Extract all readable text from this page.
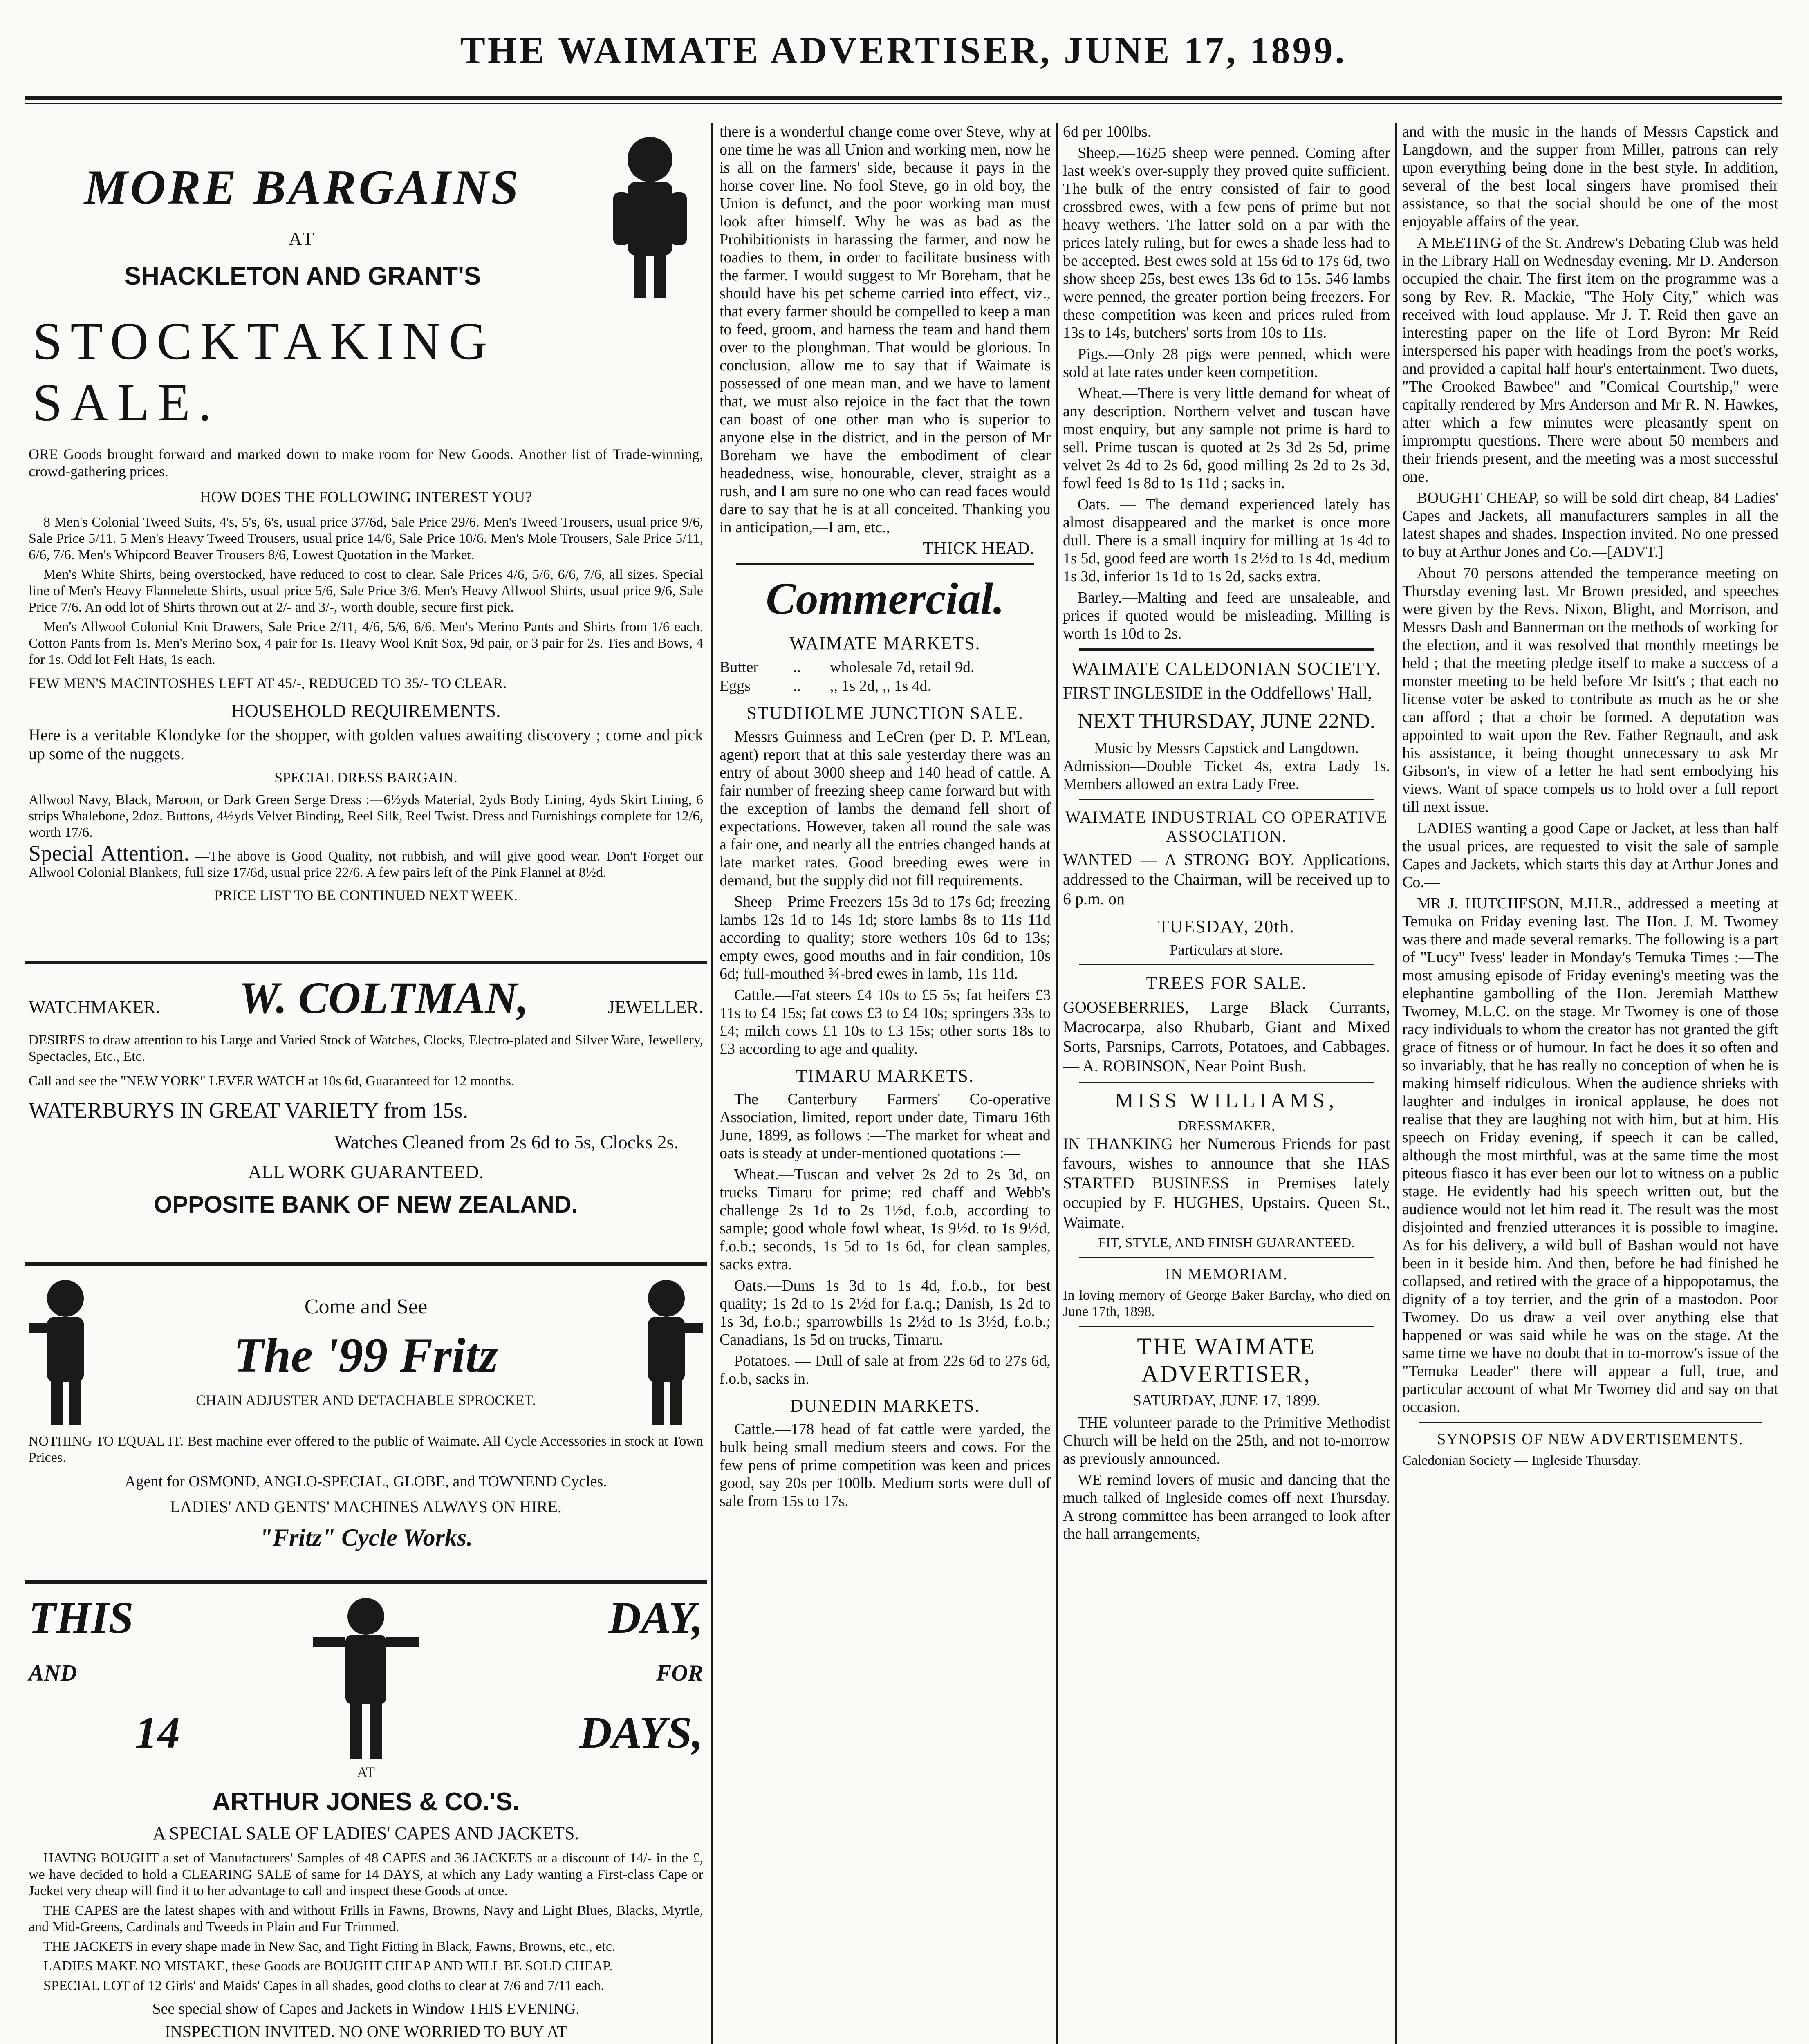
THE WAIMATE ADVERTISER, JUNE 17, 1899.
MORE BARGAINS
AT
SHACKLETON AND GRANT'S
STOCKTAKING SALE.
ORE Goods brought forward and marked down to make room for New Goods. Another list of Trade-winning, crowd-gathering prices.
HOW DOES THE FOLLOWING INTEREST YOU?

8 Men's Colonial Tweed Suits, 4's, 5's, 6's, usual price 37/6d, Sale Price 29/6. Men's Tweed Trousers, usual price 9/6, Sale Price 5/11. 5 Men's Heavy Tweed Trousers, usual price 14/6, Sale Price 10/6. Men's Mole Trousers, Sale Price 5/11, 6/6, 7/6. Men's Whipcord Beaver Trousers 8/6, Lowest Quotation in the Market.

Men's White Shirts, being overstocked, have reduced to cost to clear. Sale Prices 4/6, 5/6, 6/6, 7/6, all sizes. Special line of Men's Heavy Flannelette Shirts, usual price 5/6, Sale Price 3/6. Men's Heavy Allwool Shirts, usual price 9/6, Sale Price 7/6. An odd lot of Shirts thrown out at 2/- and 3/-, worth double, secure first pick.

Men's Allwool Colonial Knit Drawers, Sale Price 2/11, 4/6, 5/6, 6/6. Men's Merino Pants and Shirts from 1/6 each. Cotton Pants from 1s. Men's Merino Sox, 4 pair for 1s. Heavy Wool Knit Sox, 9d pair, or 3 pair for 2s. Ties and Bows, 4 for 1s. Odd lot Felt Hats, 1s each.

FEW MEN'S MACINTOSHES LEFT AT 45/-, REDUCED TO 35/- TO CLEAR.
HOUSEHOLD REQUIREMENTS.
Here is a veritable Klondyke for the shopper, with golden values awaiting discovery ; come and pick up some of the nuggets.
SPECIAL DRESS BARGAIN.
Allwool Navy, Black, Maroon, or Dark Green Serge Dress :—6½yds Material, 2yds Body Lining, 4yds Skirt Lining, 6 strips Whalebone, 2doz. Buttons, 4½yds Velvet Binding, Reel Silk, Reel Twist. Dress and Furnishings complete for 12/6, worth 17/6.
Special Attention. —The above is Good Quality, not rubbish, and will give good wear. Don't Forget our Allwool Colonial Blankets, full size 17/6d, usual price 22/6. A few pairs left of the Pink Flannel at 8½d.
PRICE LIST TO BE CONTINUED NEXT WEEK.
WATCHMAKER. W. COLTMAN,	JEWELLER.
DESIRES to draw attention to his Large and Varied Stock of Watches, Clocks, Electro-plated and Silver Ware, Jewellery, Spectacles, Etc., Etc.
Call and see the "NEW YORK" LEVER WATCH at 10s 6d, Guaranteed for 12 months.
WATERBURYS IN GREAT VARIETY from 15s.
Watches Cleaned from 2s 6d to 5s, Clocks 2s.
ALL WORK GUARANTEED.
OPPOSITE BANK OF NEW ZEALAND.
Come and See
The '99 Fritz
CHAIN ADJUSTER AND DETACHABLE SPROCKET.
NOTHING TO EQUAL IT. Best machine ever offered to the public of Waimate. All Cycle Accessories in stock at Town Prices.
Agent for OSMOND, ANGLO-SPECIAL, GLOBE, and TOWNEND Cycles.
LADIES' AND GENTS' MACHINES ALWAYS ON HIRE.
"Fritz" Cycle Works.
THIS
AND
14
DAY,
FOR
DAYS,
AT
ARTHUR JONES & CO.'S.
A SPECIAL SALE OF LADIES' CAPES AND JACKETS.

HAVING BOUGHT a set of Manufacturers' Samples of 48 CAPES and 36 JACKETS at a discount of 14/- in the £, we have decided to hold a CLEARING SALE of same for 14 DAYS, at which any Lady wanting a First-class Cape or Jacket very cheap will find it to her advantage to call and inspect these Goods at once.

THE CAPES are the latest shapes with and without Frills in Fawns, Browns, Navy and Light Blues, Blacks, Myrtle, and Mid-Greens, Cardinals and Tweeds in Plain and Fur Trimmed.

THE JACKETS in every shape made in New Sac, and Tight Fitting in Black, Fawns, Browns, etc., etc.

LADIES MAKE NO MISTAKE, these Goods are BOUGHT CHEAP AND WILL BE SOLD CHEAP.

SPECIAL LOT of 12 Girls' and Maids' Capes in all shades, good cloths to clear at 7/6 and 7/11 each.

See special show of Capes and Jackets in Window THIS EVENING.
INSPECTION INVITED. NO ONE WORRIED TO BUY AT

there is a wonderful change come over Steve, why at one time he was all Union and working men, now he is all on the farmers' side, because it pays in the horse cover line. No fool Steve, go in old boy, the Union is defunct, and the poor working man must look after himself. Why he was as bad as the Prohibitionists in harassing the farmer, and now he toadies to them, in order to facilitate business with the farmer. I would suggest to Mr Boreham, that he should have his pet scheme carried into effect, viz., that every farmer should be compelled to keep a man to feed, groom, and harness the team and hand them over to the ploughman. That would be glorious. In conclusion, allow me to say that if Waimate is possessed of one mean man, and we have to lament that, we must also rejoice in the fact that the town can boast of one other man who is superior to anyone else in the district, and in the person of Mr Boreham we have the embodiment of clear headedness, wise, honourable, clever, straight as a rush, and I am sure no one who can read faces would dare to say that he is at all conceited. Thanking you in anticipation,—I am, etc.,

THICK HEAD.
Commercial.
WAIMATE MARKETS.
Butter	..	wholesale 7d, retail 9d.
Eggs	..	,, 1s 2d, ,, 1s 4d.
STUDHOLME JUNCTION SALE.

Messrs Guinness and LeCren (per D. P. M'Lean, agent) report that at this sale yesterday there was an entry of about 3000 sheep and 140 head of cattle. A fair number of freezing sheep came forward but with the exception of lambs the demand fell short of expectations. However, taken all round the sale was a fair one, and nearly all the entries changed hands at late market rates. Good breeding ewes were in demand, but the supply did not fill requirements.

Sheep—Prime Freezers 15s 3d to 17s 6d; freezing lambs 12s 1d to 14s 1d; store lambs 8s to 11s 11d according to quality; store wethers 10s 6d to 13s; empty ewes, good mouths and in fair condition, 10s 6d; full-mouthed ¾-bred ewes in lamb, 11s 11d.

Cattle.—Fat steers £4 10s to £5 5s; fat heifers £3 11s to £4 15s; fat cows £3 to £4 10s; springers 33s to £4; milch cows £1 10s to £3 15s; other sorts 18s to £3 according to age and quality.

TIMARU MARKETS.

The Canterbury Farmers' Co-operative Association, limited, report under date, Timaru 16th June, 1899, as follows :—The market for wheat and oats is steady at under-mentioned quotations :—

Wheat.—Tuscan and velvet 2s 2d to 2s 3d, on trucks Timaru for prime; red chaff and Webb's challenge 2s 1d to 2s 1½d, f.o.b, according to sample; good whole fowl wheat, 1s 9½d. to 1s 9½d, f.o.b.; seconds, 1s 5d to 1s 6d, for clean samples, sacks extra.

Oats.—Duns 1s 3d to 1s 4d, f.o.b., for best quality; 1s 2d to 1s 2½d for f.a.q.; Danish, 1s 2d to 1s 3d, f.o.b.; sparrowbills 1s 2½d to 1s 3½d, f.o.b.; Canadians, 1s 5d on trucks, Timaru.

Potatoes. — Dull of sale at from 22s 6d to 27s 6d, f.o.b, sacks in.

DUNEDIN MARKETS.

Cattle.—178 head of fat cattle were yarded, the bulk being small medium steers and cows. For the few pens of prime competition was keen and prices good, say 20s per 100lb. Medium sorts were dull of sale from 15s to 17s.

6d per 100lbs.

Sheep.—1625 sheep were penned. Coming after last week's over-supply they proved quite sufficient. The bulk of the entry consisted of fair to good crossbred ewes, with a few pens of prime but not heavy wethers. The latter sold on a par with the prices lately ruling, but for ewes a shade less had to be accepted. Best ewes sold at 15s 6d to 17s 6d, two show sheep 25s, best ewes 13s 6d to 15s. 546 lambs were penned, the greater portion being freezers. For these competition was keen and prices ruled from 13s to 14s, butchers' sorts from 10s to 11s.

Pigs.—Only 28 pigs were penned, which were sold at late rates under keen competition.

Wheat.—There is very little demand for wheat of any description. Northern velvet and tuscan have most enquiry, but any sample not prime is hard to sell. Prime tuscan is quoted at 2s 3d 2s 5d, prime velvet 2s 4d to 2s 6d, good milling 2s 2d to 2s 3d, fowl feed 1s 8d to 1s 11d ; sacks in.

Oats. — The demand experienced lately has almost disappeared and the market is once more dull. There is a small inquiry for milling at 1s 4d to 1s 5d, good feed are worth 1s 2½d to 1s 4d, medium 1s 3d, inferior 1s 1d to 1s 2d, sacks extra.

Barley.—Malting and feed are unsaleable, and prices if quoted would be misleading. Milling is worth 1s 10d to 2s.

WAIMATE CALEDONIAN SOCIETY.

FIRST INGLESIDE in the Oddfellows' Hall,

NEXT THURSDAY, JUNE 22ND.
Music by Messrs Capstick and Langdown.
Admission—Double Ticket 4s, extra Lady 1s. Members allowed an extra Lady Free.
WAIMATE INDUSTRIAL CO OPERATIVE ASSOCIATION.
WANTED — A STRONG BOY. Applications, addressed to the Chairman, will be received up to 6 p.m. on
TUESDAY, 20th.
Particulars at store.
TREES FOR SALE.
GOOSEBERRIES, Large Black Currants, Macrocarpa, also Rhubarb, Giant and Mixed Sorts, Parsnips, Carrots, Potatoes, and Cabbages. — A. ROBINSON, Near Point Bush.
MISS WILLIAMS,
DRESSMAKER,
IN THANKING her Numerous Friends for past favours, wishes to announce that she HAS STARTED BUSINESS in Premises lately occupied by F. HUGHES, Upstairs. Queen St., Waimate.
FIT, STYLE, AND FINISH GUARANTEED.
IN MEMORIAM.
In loving memory of George Baker Barclay, who died on June 17th, 1898.
THE WAIMATE ADVERTISER,
SATURDAY, JUNE 17, 1899.

THE volunteer parade to the Primitive Methodist Church will be held on the 25th, and not to-morrow as previously announced.

WE remind lovers of music and dancing that the much talked of Ingleside comes off next Thursday. A strong committee has been arranged to look after the hall arrangements,

and with the music in the hands of Messrs Capstick and Langdown, and the supper from Miller, patrons can rely upon everything being done in the best style. In addition, several of the best local singers have promised their assistance, so that the social should be one of the most enjoyable affairs of the year.

A MEETING of the St. Andrew's Debating Club was held in the Library Hall on Wednesday evening. Mr D. Anderson occupied the chair. The first item on the programme was a song by Rev. R. Mackie, "The Holy City," which was received with loud applause. Mr J. T. Reid then gave an interesting paper on the life of Lord Byron: Mr Reid interspersed his paper with headings from the poet's works, and provided a capital half hour's entertainment. Two duets, "The Crooked Bawbee" and "Comical Courtship," were capitally rendered by Mrs Anderson and Mr R. N. Hawkes, after which a few minutes were pleasantly spent on impromptu questions. There were about 50 members and their friends present, and the meeting was a most successful one.

BOUGHT CHEAP, so will be sold dirt cheap, 84 Ladies' Capes and Jackets, all manufacturers samples in all the latest shapes and shades. Inspection invited. No one pressed to buy at Arthur Jones and Co.—[ADVT.]

About 70 persons attended the temperance meeting on Thursday evening last. Mr Brown presided, and speeches were given by the Revs. Nixon, Blight, and Morrison, and Messrs Dash and Bannerman on the methods of working for the election, and it was resolved that monthly meetings be held ; that the meeting pledge itself to make a success of a monster meeting to be held before Mr Isitt's ; that each no license voter be asked to contribute as much as he or she can afford ; that a choir be formed. A deputation was appointed to wait upon the Rev. Father Regnault, and ask his assistance, it being thought unnecessary to ask Mr Gibson's, in view of a letter he had sent embodying his views. Want of space compels us to hold over a full report till next issue.

LADIES wanting a good Cape or Jacket, at less than half the usual prices, are requested to visit the sale of sample Capes and Jackets, which starts this day at Arthur Jones and Co.—

MR J. HUTCHESON, M.H.R., addressed a meeting at Temuka on Friday evening last. The Hon. J. M. Twomey was there and made several remarks. The following is a part of "Lucy" Ivess' leader in Monday's Temuka Times :—The most amusing episode of Friday evening's meeting was the elephantine gambolling of the Hon. Jeremiah Matthew Twomey, M.L.C. on the stage. Mr Twomey is one of those racy individuals to whom the creator has not granted the gift grace of fitness or of humour. In fact he does it so often and so invariably, that he has really no conception of when he is making himself ridiculous. When the audience shrieks with laughter and indulges in ironical applause, he does not realise that they are laughing not with him, but at him. His speech on Friday evening, if speech it can be called, although the most mirthful, was at the same time the most piteous fiasco it has ever been our lot to witness on a public stage. He evidently had his speech written out, but the audience would not let him read it. The result was the most disjointed and frenzied utterances it is possible to imagine. As for his delivery, a wild bull of Bashan would not have been in it beside him. And then, before he had finished he collapsed, and retired with the grace of a hippopotamus, the dignity of a toy terrier, and the grin of a mastodon. Poor Twomey. Do us draw a veil over anything else that happened or was said while he was on the stage. At the same time we have no doubt that in to-morrow's issue of the "Temuka Leader" there will appear a full, true, and particular account of what Mr Twomey did and say on that occasion.

SYNOPSIS OF NEW ADVERTISEMENTS.
Caledonian Society — Ingleside Thursday.
